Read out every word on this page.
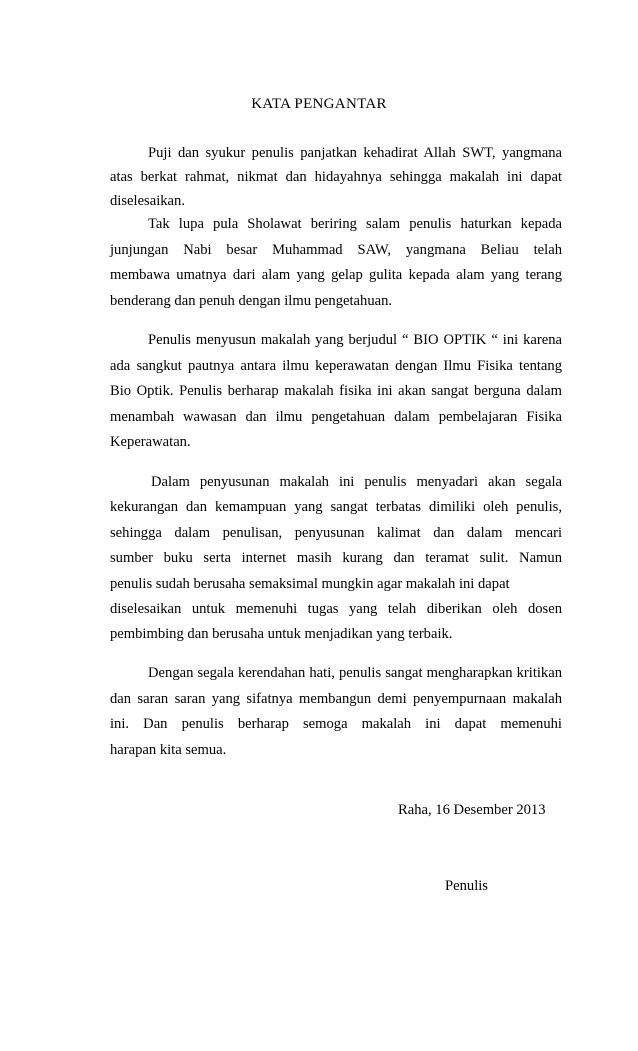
KATA PENGANTAR
Puji dan syukur penulis panjatkan kehadirat Allah SWT, yangmana
atas berkat rahmat, nikmat dan hidayahnya sehingga makalah ini dapat
diselesaikan.
Tak lupa pula Sholawat beriring salam penulis haturkan kepada
junjungan Nabi besar Muhammad SAW, yangmana Beliau telah
membawa umatnya dari alam yang gelap gulita kepada alam yang terang
benderang dan penuh dengan ilmu pengetahuan.
Penulis menyusun makalah yang berjudul “ BIO OPTIK “ ini karena
ada sangkut pautnya antara ilmu keperawatan dengan Ilmu Fisika tentang
Bio Optik. Penulis berharap makalah fisika ini akan sangat berguna dalam
menambah wawasan dan ilmu pengetahuan dalam pembelajaran Fisika
Keperawatan.
Dalam penyusunan makalah ini penulis menyadari akan segala
kekurangan dan kemampuan yang sangat terbatas dimiliki oleh penulis,
sehingga dalam penulisan, penyusunan kalimat dan dalam mencari
sumber buku serta internet masih kurang dan teramat sulit. Namun
penulis sudah berusaha semaksimal mungkin agar makalah ini dapat
diselesaikan untuk memenuhi tugas yang telah diberikan oleh dosen
pembimbing dan berusaha untuk menjadikan yang terbaik.
Dengan segala kerendahan hati, penulis sangat mengharapkan kritikan
dan saran saran yang sifatnya membangun demi penyempurnaan makalah
ini. Dan penulis berharap semoga makalah ini dapat memenuhi
harapan kita semua.
Raha, 16 Desember 2013
Penulis
